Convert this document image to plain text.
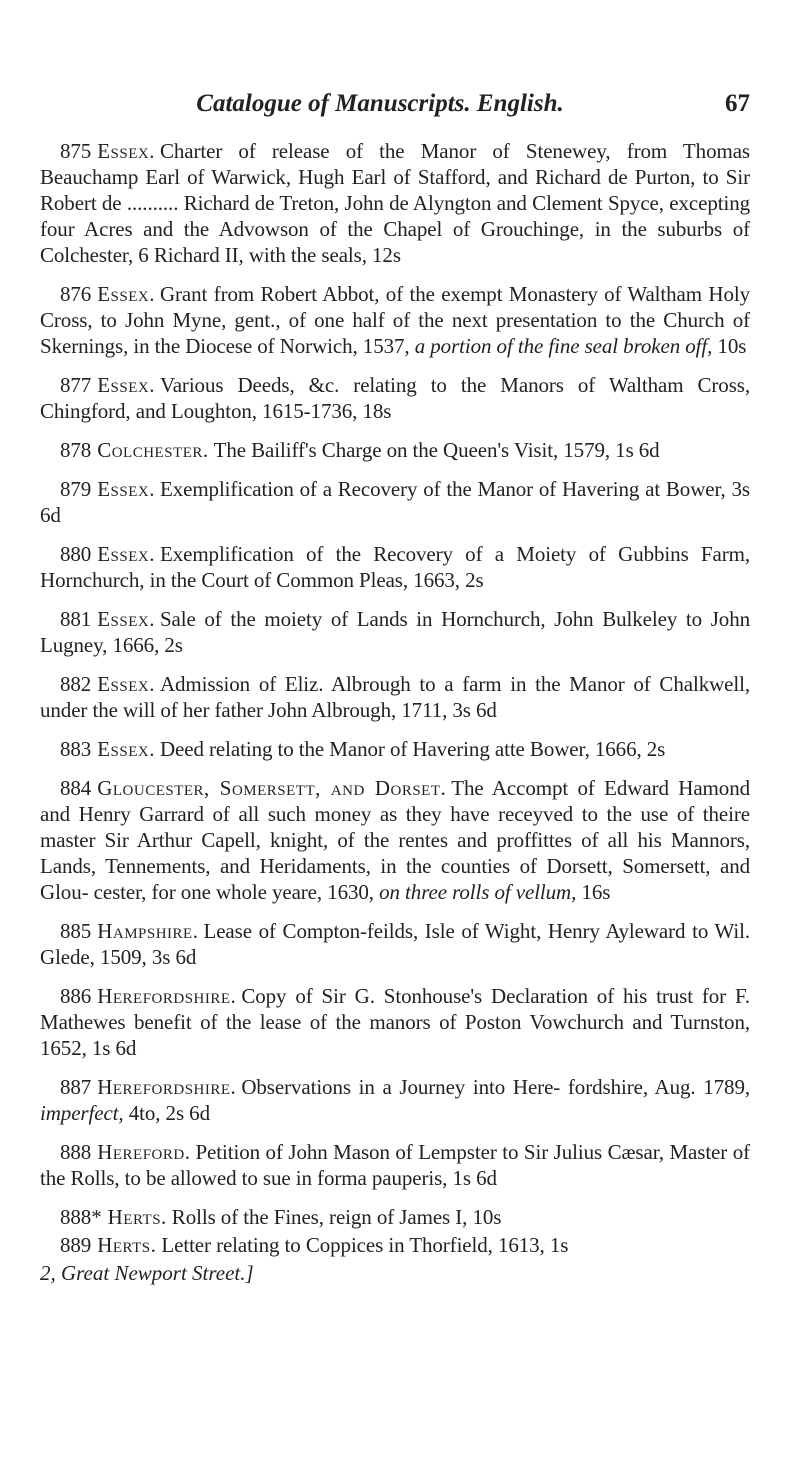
Catalogue of Manuscripts. English.	67

875 Essex. Charter of release of the Manor of Stenewey, from Thomas Beauchamp Earl of Warwick, Hugh Earl of Stafford, and Richard de Purton, to Sir Robert de .......... Richard de Treton, John de Alyngton and Clement Spyce, excepting four Acres and the Advowson of the Chapel of Grouchinge, in the suburbs of Colchester, 6 Richard II, with the seals, 12s

876 Essex. Grant from Robert Abbot, of the exempt Monastery of Waltham Holy Cross, to John Myne, gent., of one half of the next presentation to the Church of Skernings, in the Diocese of Norwich, 1537, a portion of the fine seal broken off, 10s

877 Essex. Various Deeds, &c. relating to the Manors of Waltham Cross, Chingford, and Loughton, 1615-1736, 18s

878 Colchester. The Bailiff's Charge on the Queen's Visit, 1579, 1s 6d

879 Essex. Exemplification of a Recovery of the Manor of Havering at Bower, 3s 6d

880 Essex. Exemplification of the Recovery of a Moiety of Gubbins Farm, Hornchurch, in the Court of Common Pleas, 1663, 2s

881 Essex. Sale of the moiety of Lands in Hornchurch, John Bulkeley to John Lugney, 1666, 2s

882 Essex. Admission of Eliz. Albrough to a farm in the Manor of Chalkwell, under the will of her father John Albrough, 1711, 3s 6d

883 Essex. Deed relating to the Manor of Havering atte Bower, 1666, 2s

884 Gloucester, Somersett, and Dorset. The Accompt of Edward Hamond and Henry Garrard of all such money as they have receyved to the use of theire master Sir Arthur Capell, knight, of the rentes and proffittes of all his Mannors, Lands, Tennements, and Heridaments, in the counties of Dorsett, Somersett, and Glou- cester, for one whole yeare, 1630, on three rolls of vellum, 16s

885 Hampshire. Lease of Compton-feilds, Isle of Wight, Henry Ayleward to Wil. Glede, 1509, 3s 6d

886 Herefordshire. Copy of Sir G. Stonhouse's Declaration of his trust for F. Mathewes benefit of the lease of the manors of Poston Vowchurch and Turnston, 1652, 1s 6d

887 Herefordshire. Observations in a Journey into Here- fordshire, Aug. 1789, imperfect, 4to, 2s 6d

888 Hereford. Petition of John Mason of Lempster to Sir Julius Cæsar, Master of the Rolls, to be allowed to sue in forma pauperis, 1s 6d

888* Herts. Rolls of the Fines, reign of James I, 10s

889 Herts. Letter relating to Coppices in Thorfield, 1613, 1s

2, Great Newport Street.]
